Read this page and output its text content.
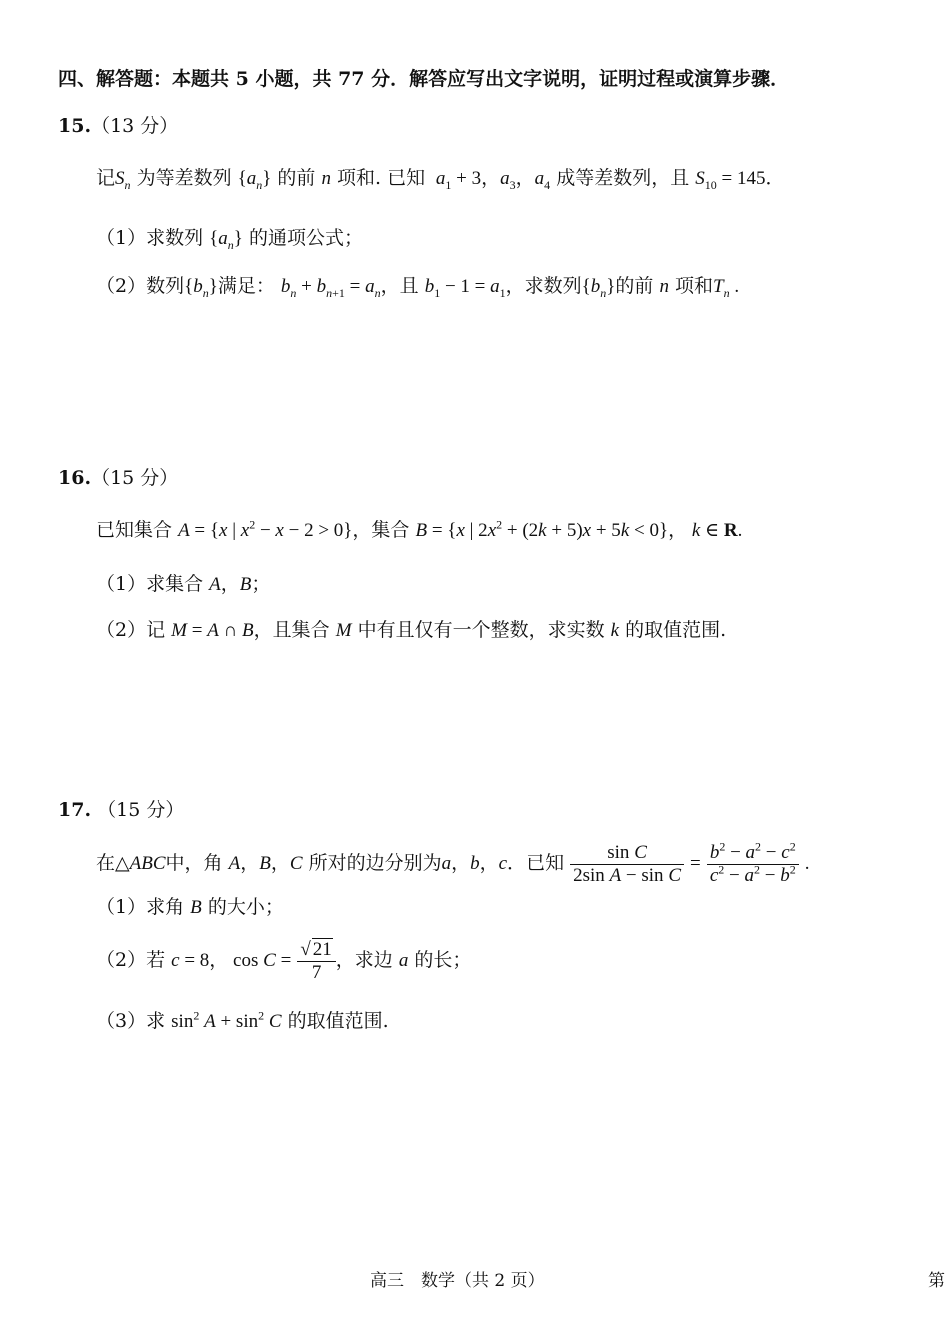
四、解答题：本题共 5 小题，共 77 分．解答应写出文字说明，证明过程或演算步骤．
15.（13 分）
记$S_n$ 为等差数列 $\{a_n\}$ 的前 n 项和. 已知 $a_1 + 3$，$a_3$，$a_4$ 成等差数列，且 $S_{10} = 145$．
（1）求数列 $\{a_n\}$ 的通项公式；
（2）数列$\{b_n\}$满足： $b_n + b_{n+1} = a_n$，且 $b_1 - 1 = a_1$，求数列$\{b_n\}$的前 n 项和$T_n$ .
16.（15 分）
已知集合 A = {x | $x^2 - x - 2 > 0$}，集合 B = {x | $2x^2 + (2k + 5)x + 5k < 0$}， k ∈ R.
（1）求集合 A，B；
（2）记 M = A ∩ B，且集合 M 中有且仅有一个整数，求实数 k 的取值范围.
17. （15 分）
在△ABC中，角 A，B，C 所对的边分别为a，b，c．已知 $\frac{\text{sin C}}{\text{2sin A − sin C}} = \frac{b^2 - a^2 - c^2}{c^2 - a^2 - b^2}$ .
（1）求角 B 的大小；
（2）若 c = 8， $\cos C = \frac{√ 21}{7}$ ，求边 a 的长；
（3）求 $\sin^2 A + \sin^2 C$ 的取值范围.
高三　数学（共 2 页）	第
